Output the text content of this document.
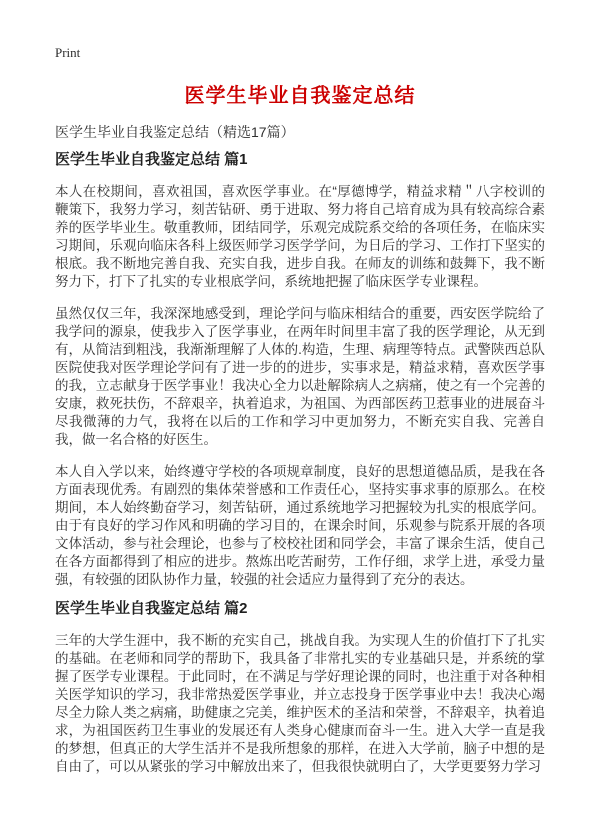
Print
医学生毕业自我鉴定总结
医学生毕业自我鉴定总结（精选17篇）
医学生毕业自我鉴定总结 篇1

本人在校期间，喜欢祖国，喜欢医学事业。在“厚德博学，精益求精＂八字校训的鞭策下，我努力学习，刻苦钻研、勇于进取、努力将自己培育成为具有较高综合素养的医学毕业生。敬重教师，团结同学，乐观完成院系交给的各项任务，在临床实习期间，乐观向临床各科上级医师学习医学学问，为日后的学习、工作打下坚实的根底。我不断地完善自我、充实自我，进步自我。在师友的训练和鼓舞下，我不断努力下，打下了扎实的专业根底学问，系统地把握了临床医学专业课程。

虽然仅仅三年，我深深地感受到，理论学问与临床相结合的重要，西安医学院给了我学问的源泉，使我步入了医学事业，在两年时间里丰富了我的医学理论，从无到有，从简洁到粗浅，我渐渐理解了人体的.构造，生理、病理等特点。武警陕西总队医院使我对医学理论学问有了进一步的的进步，实事求是，精益求精，喜欢医学事的我，立志献身于医学事业！我决心全力以赴解除病人之病痛，使之有一个完善的安康，救死扶伤，不辞艰辛，执着追求，为祖国、为西部医药卫惹事业的进展奋斗尽我微薄的力气，我将在以后的工作和学习中更加努力，不断充实自我、完善自我，做一名合格的好医生。

本人自入学以来，始终遵守学校的各项规章制度，良好的思想道德品质，是我在各方面表现优秀。有剧烈的集体荣誉感和工作责任心，坚持实事求事的原那么。在校期间，本人始终勤奋学习，刻苦钻研，通过系统地学习把握较为扎实的根底学问。由于有良好的学习作风和明确的学习目的，在课余时间，乐观参与院系开展的各项文体活动，参与社会理论，也参与了校校社团和同学会，丰富了课余生活，使自己在各方面都得到了相应的进步。熬炼出吃苦耐劳，工作仔细，求学上进，承受力量强，有较强的团队协作力量，较强的社会适应力量得到了充分的表达。

医学生毕业自我鉴定总结 篇2

三年的大学生涯中，我不断的充实自己，挑战自我。为实现人生的价值打下了扎实的基础。在老师和同学的帮助下，我具备了非常扎实的专业基础只是，并系统的掌握了医学专业课程。于此同时，在不满足与学好理论课的同时，也注重于对各种相关医学知识的学习，我非常热爱医学事业，并立志投身于医学事业中去！我决心竭尽全力除人类之病痛，助健康之完美，维护医术的圣洁和荣誉，不辞艰辛，执着追求，为祖国医药卫生事业的发展还有人类身心健康而奋斗一生。进入大学一直是我的梦想，但真正的大学生活并不是我所想象的那样，在进入大学前，脑子中想的是自由了，可以从紧张的学习中解放出来了，但我很快就明白了，大学更要努力学习
